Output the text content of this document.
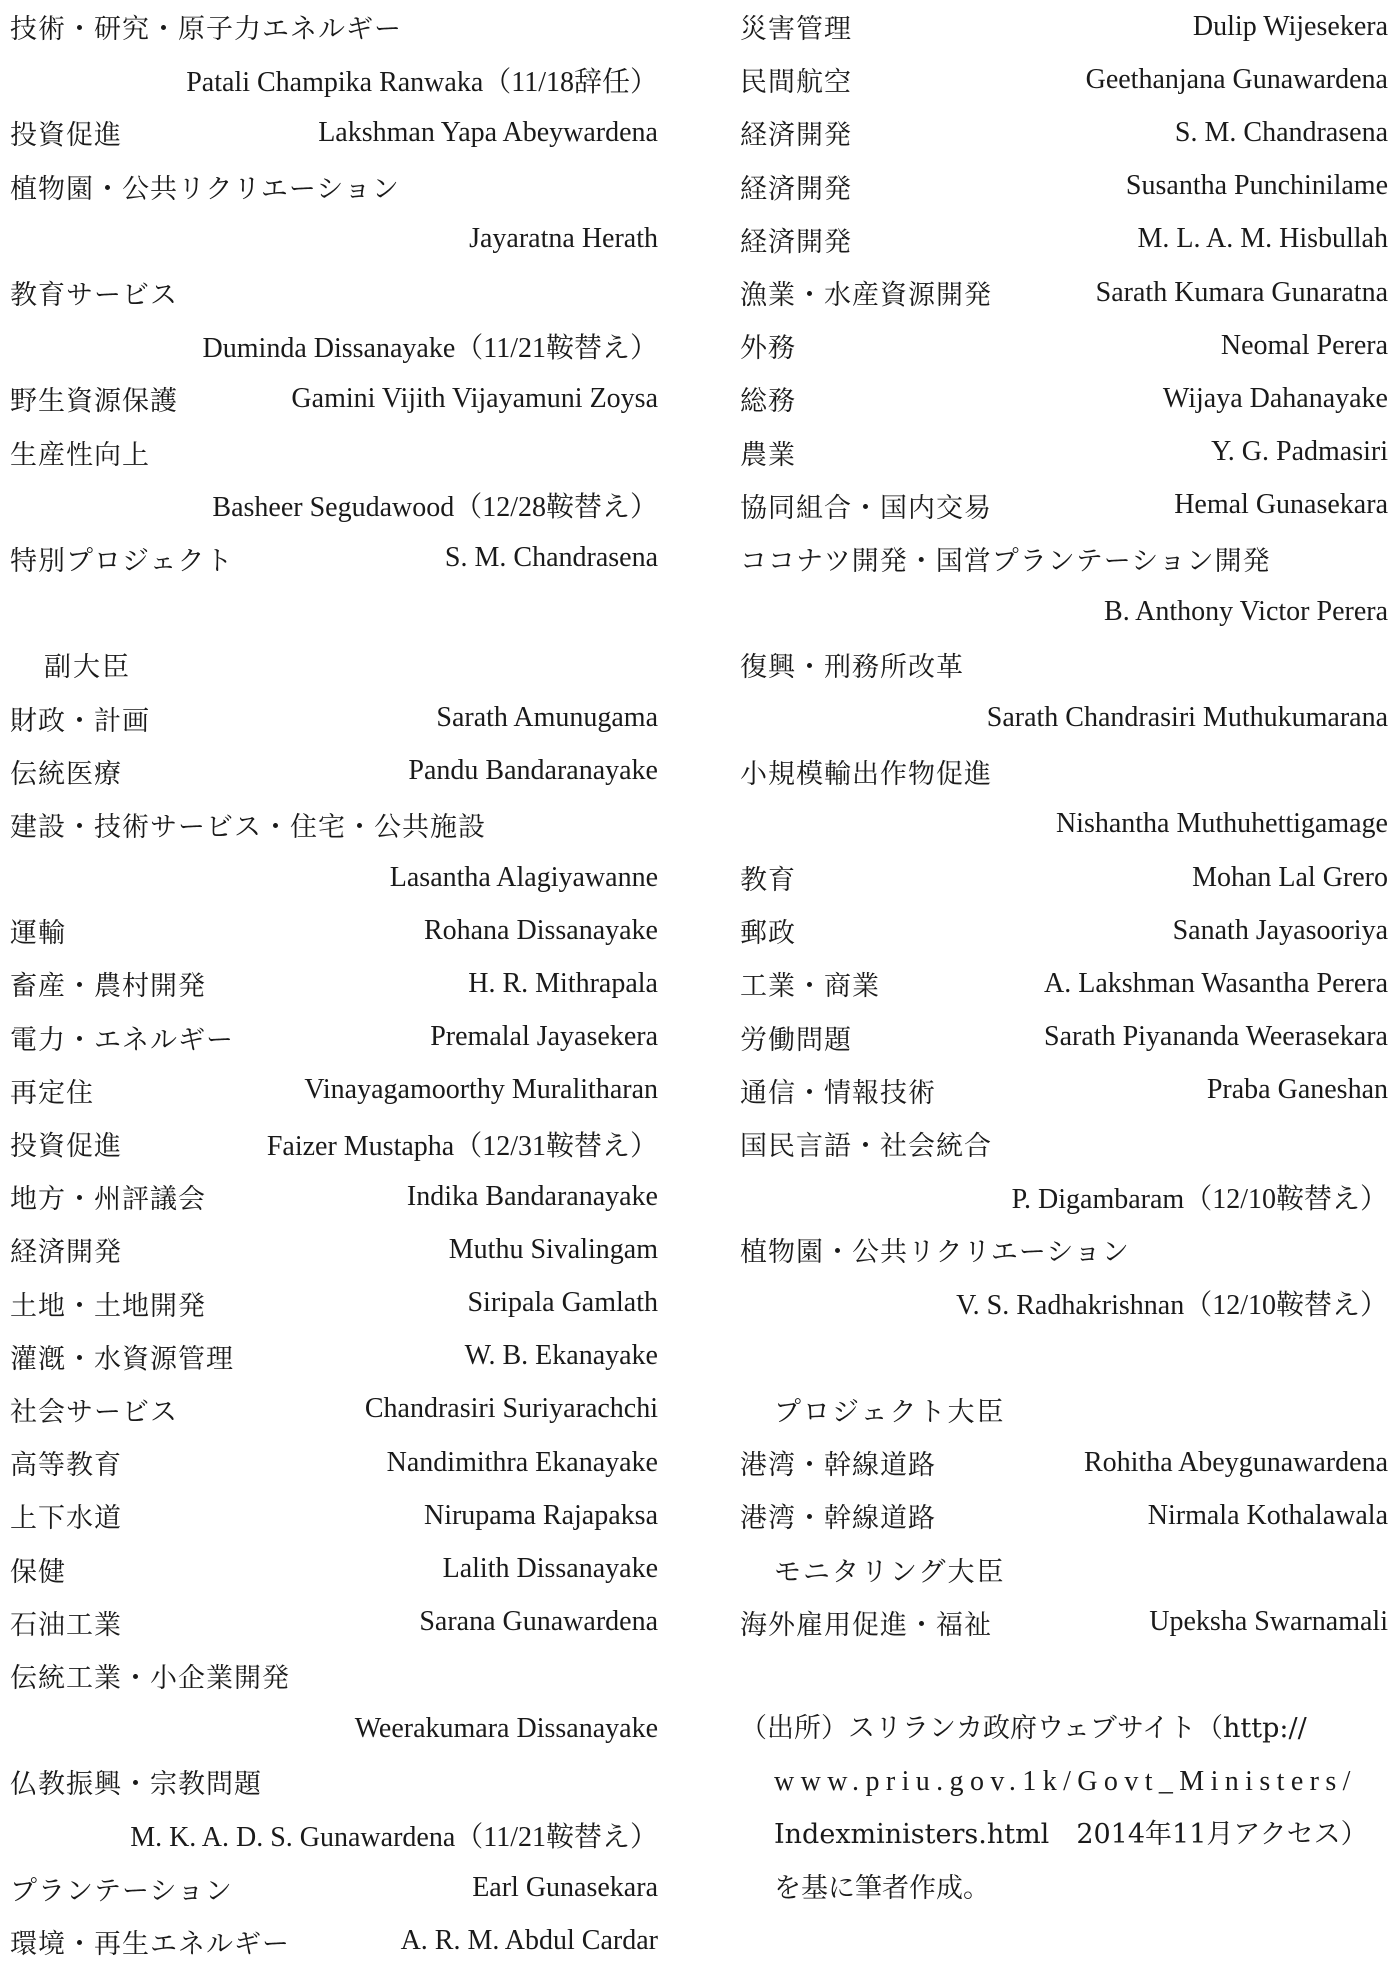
技術・研究・原子力エネルギー
Patali Champika Ranwaka（11/18辞任）
投資促進	Lakshman Yapa Abeywardena
植物園・公共リクリエーション
Jayaratna Herath
教育サービス
Duminda Dissanayake（11/21鞍替え）
野生資源保護	Gamini Vijith Vijayamuni Zoysa
生産性向上
Basheer Segudawood（12/28鞍替え）
特別プロジェクト	S. M. Chandrasena
副大臣
財政・計画	Sarath Amunugama
伝統医療	Pandu Bandaranayake
建設・技術サービス・住宅・公共施設
Lasantha Alagiyawanne
運輸	Rohana Dissanayake
畜産・農村開発	H. R. Mithrapala
電力・エネルギー	Premalal Jayasekera
再定住	Vinayagamoorthy Muralitharan
投資促進	Faizer Mustapha（12/31鞍替え）
地方・州評議会	Indika Bandaranayake
経済開発	Muthu Sivalingam
土地・土地開発	Siripala Gamlath
灌漑・水資源管理	W. B. Ekanayake
社会サービス	Chandrasiri Suriyarachchi
高等教育	Nandimithra Ekanayake
上下水道	Nirupama Rajapaksa
保健	Lalith Dissanayake
石油工業	Sarana Gunawardena
伝統工業・小企業開発
Weerakumara Dissanayake
仏教振興・宗教問題
M. K. A. D. S. Gunawardena（11/21鞍替え）
プランテーション	Earl Gunasekara
環境・再生エネルギー	A. R. M. Abdul Cardar
災害管理	Dulip Wijesekera
民間航空	Geethanjana Gunawardena
経済開発	S. M. Chandrasena
経済開発	Susantha Punchinilame
経済開発	M. L. A. M. Hisbullah
漁業・水産資源開発	Sarath Kumara Gunaratna
外務	Neomal Perera
総務	Wijaya Dahanayake
農業	Y. G. Padmasiri
協同組合・国内交易	Hemal Gunasekara
ココナツ開発・国営プランテーション開発
B. Anthony Victor Perera
復興・刑務所改革
Sarath Chandrasiri Muthukumarana
小規模輸出作物促進
Nishantha Muthuhettigamage
教育	Mohan Lal Grero
郵政	Sanath Jayasooriya
工業・商業	A. Lakshman Wasantha Perera
労働問題	Sarath Piyananda Weerasekara
通信・情報技術	Praba Ganeshan
国民言語・社会統合
P. Digambaram（12/10鞍替え）
植物園・公共リクリエーション
V. S. Radhakrishnan（12/10鞍替え）
プロジェクト大臣
港湾・幹線道路	Rohitha Abeygunawardena
港湾・幹線道路	Nirmala Kothalawala
モニタリング大臣
海外雇用促進・福祉	Upeksha Swarnamali
（出所）スリランカ政府ウェブサイト（http://
www.priu.gov.1k/Govt_Ministers/
Indexministers.html　2014年11月アクセス）
を基に筆者作成。
